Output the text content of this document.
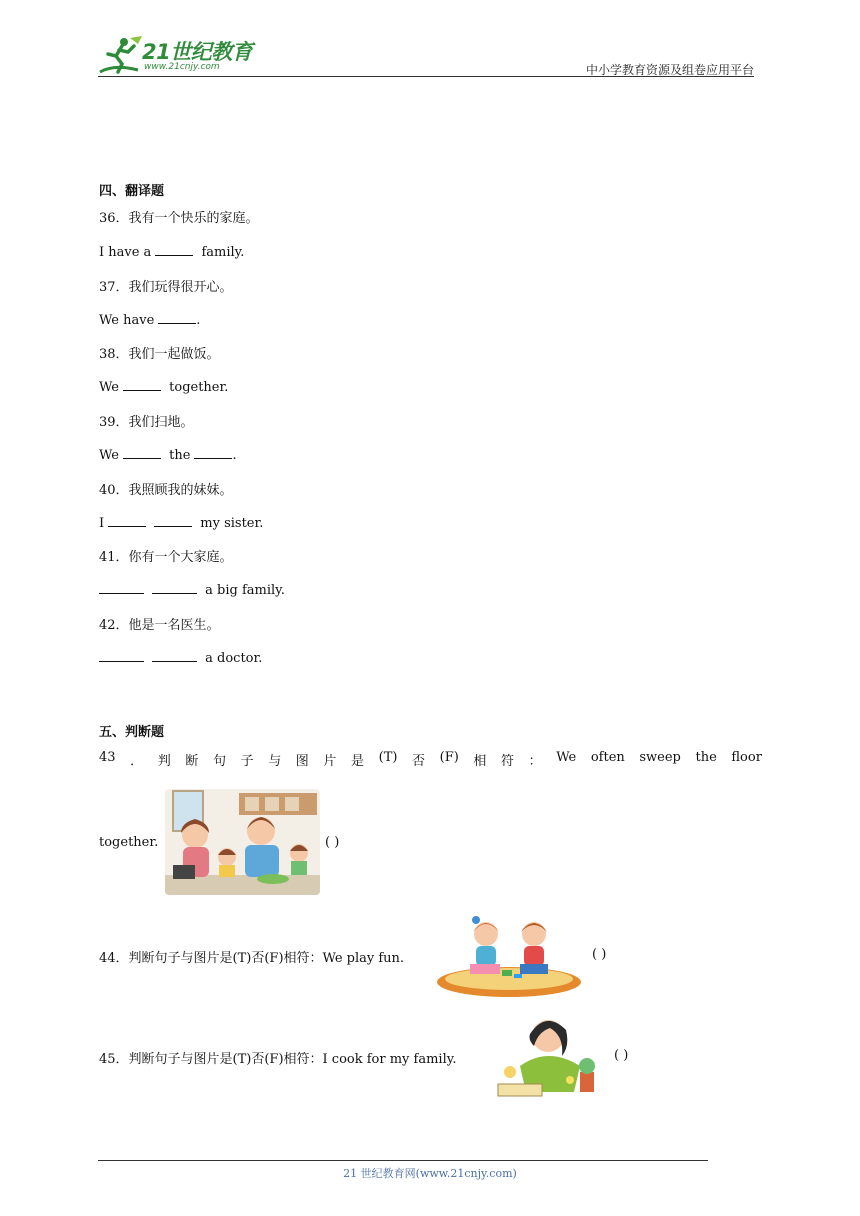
21世纪教育
www.21cnjy.com	中小学教育资源及组卷应用平台
四、翻译题
36．我有一个快乐的家庭。
I have a	family.
37．我们玩得很开心。
We have	.
38．我们一起做饭。
We	together.
39．我们扫地。
We	the	.
40．我照顾我的妹妹。
I	my sister.
41．你有一个大家庭。
a big family.
42．他是一名医生。
a doctor.
五、判断题
43 ． 判 断 句 子 与 图 片 是 (T) 否 (F) 相 符 ： We often sweep the floor
together.	( )
44．判断句子与图片是(T)否(F)相符：We play fun.	( )
45．判断句子与图片是(T)否(F)相符：I cook for my family.	( )
21 世纪教育网(www.21cnjy.com)
